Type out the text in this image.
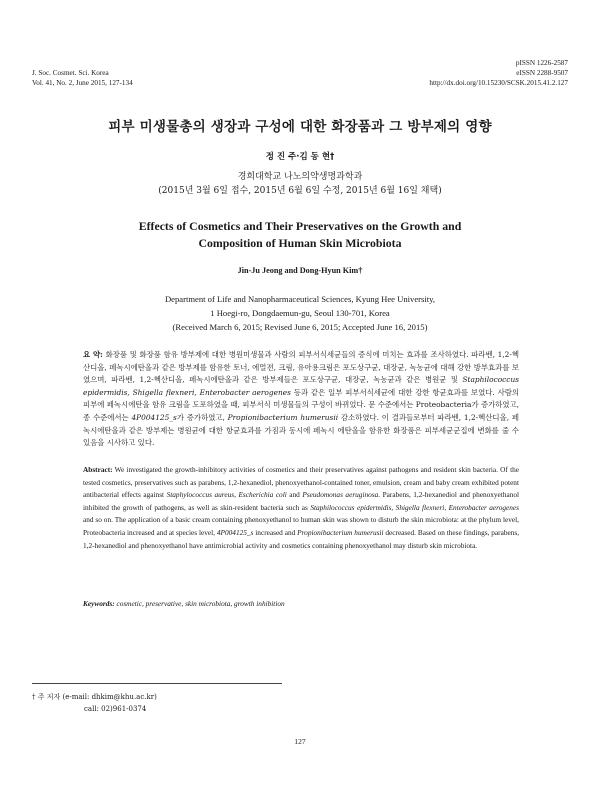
J. Soc. Cosmet. Sci. Korea
Vol. 41, No. 2, June 2015, 127-134
pISSN 1226-2587
eISSN 2288-9507
http://dx.doi.org/10.15230/SCSK.2015.41.2.127
피부 미생물총의 생장과 구성에 대한 화장품과 그 방부제의 영향
정 진 주·김 동 현†
경희대학교 나노의약생명과학과
(2015년 3월 6일 접수, 2015년 6월 6일 수정, 2015년 6월 16일 채택)
Effects of Cosmetics and Their Preservatives on the Growth and
Composition of Human Skin Microbiota
Jin-Ju Jeong and Dong-Hyun Kim†
Department of Life and Nanopharmaceutical Sciences, Kyung Hee University,
1 Hoegi-ro, Dongdaemun-gu, Seoul 130-701, Korea
(Received March 6, 2015; Revised June 6, 2015; Accepted June 16, 2015)
요 약: 화장품 및 화장품 함유 방부제에 대한 병원미생물과 사람의 피부서식세균들의 증식에 미치는 효과를 조사하였다. 파라벤, 1,2-헥산디올, 페녹시에탄올과 같은 방부제를 함유한 토너, 에멀젼, 크림, 유아용크림은 포도상구균, 대장균, 녹농균에 대해 강한 방부효과를 보였으며, 파라벤, 1,2-헥산디올, 페녹시에탄올과 같은 방부제들은 포도상구균, 대장균, 녹농균과 같은 병원균 및 Staphilococcus epidermidis, Shigella flexneri, Enterobacter aerogenes 등과 같은 일부 피부서식세균에 대한 강한 항균효과를 보였다. 사람의 피부에 페녹시에탄올 함유 크림을 도포하였을 때, 피부서식 미생물들의 구성이 바뀌었다. 문 수준에서는 Proteobacteria가 증가하였고, 종 수준에서는 4P004125_s가 증가하였고, Propionibacterium humerusii 감소하였다. 이 결과들로부터 파라벤, 1,2-헥산디올, 페녹시에탄올과 같은 방부제는 병원균에 대한 항균효과를 가짐과 동시에 페녹시 에탄올을 함유한 화장품은 피부세균군집에 변화를 줄 수 있음을 시사하고 있다.
Abstract: We investigated the growth-inhibitory activities of cosmetics and their preservatives against pathogens and resident skin bacteria. Of the tested cosmetics, preservatives such as parabens, 1,2-hexanediol, phenoxyethanol-contained toner, emulsion, cream and baby cream exhibited potent antibacterial effects against Staphylococcus aureus, Escherichia coli and Pseudomonas aeruginosa. Parabens, 1,2-hexanediol and phenoxyethanol inhibited the growth of pathogens, as well as skin-resident bacteria such as Staphilococcus epidermidis, Shigella flexneri, Enterobacter aerogenes and so on. The application of a basic cream containing phenoxyethanol to human skin was shown to disturb the skin microbiota: at the phylum level, Proteobacteria increased and at species level, 4P004125_s increased and Propionibacterium humerusii decreased. Based on these findings, parabens, 1,2-hexanediol and phenoxyethanol have antimicrobial activity and cosmetics containing phenoxyethanol may disturb skin microbiota.
Keywords: cosmetic, preservative, skin microbiota, growth inhibition
† 주 저자 (e-mail: dhkim@khu.ac.kr)
call: 02)961-0374
127
